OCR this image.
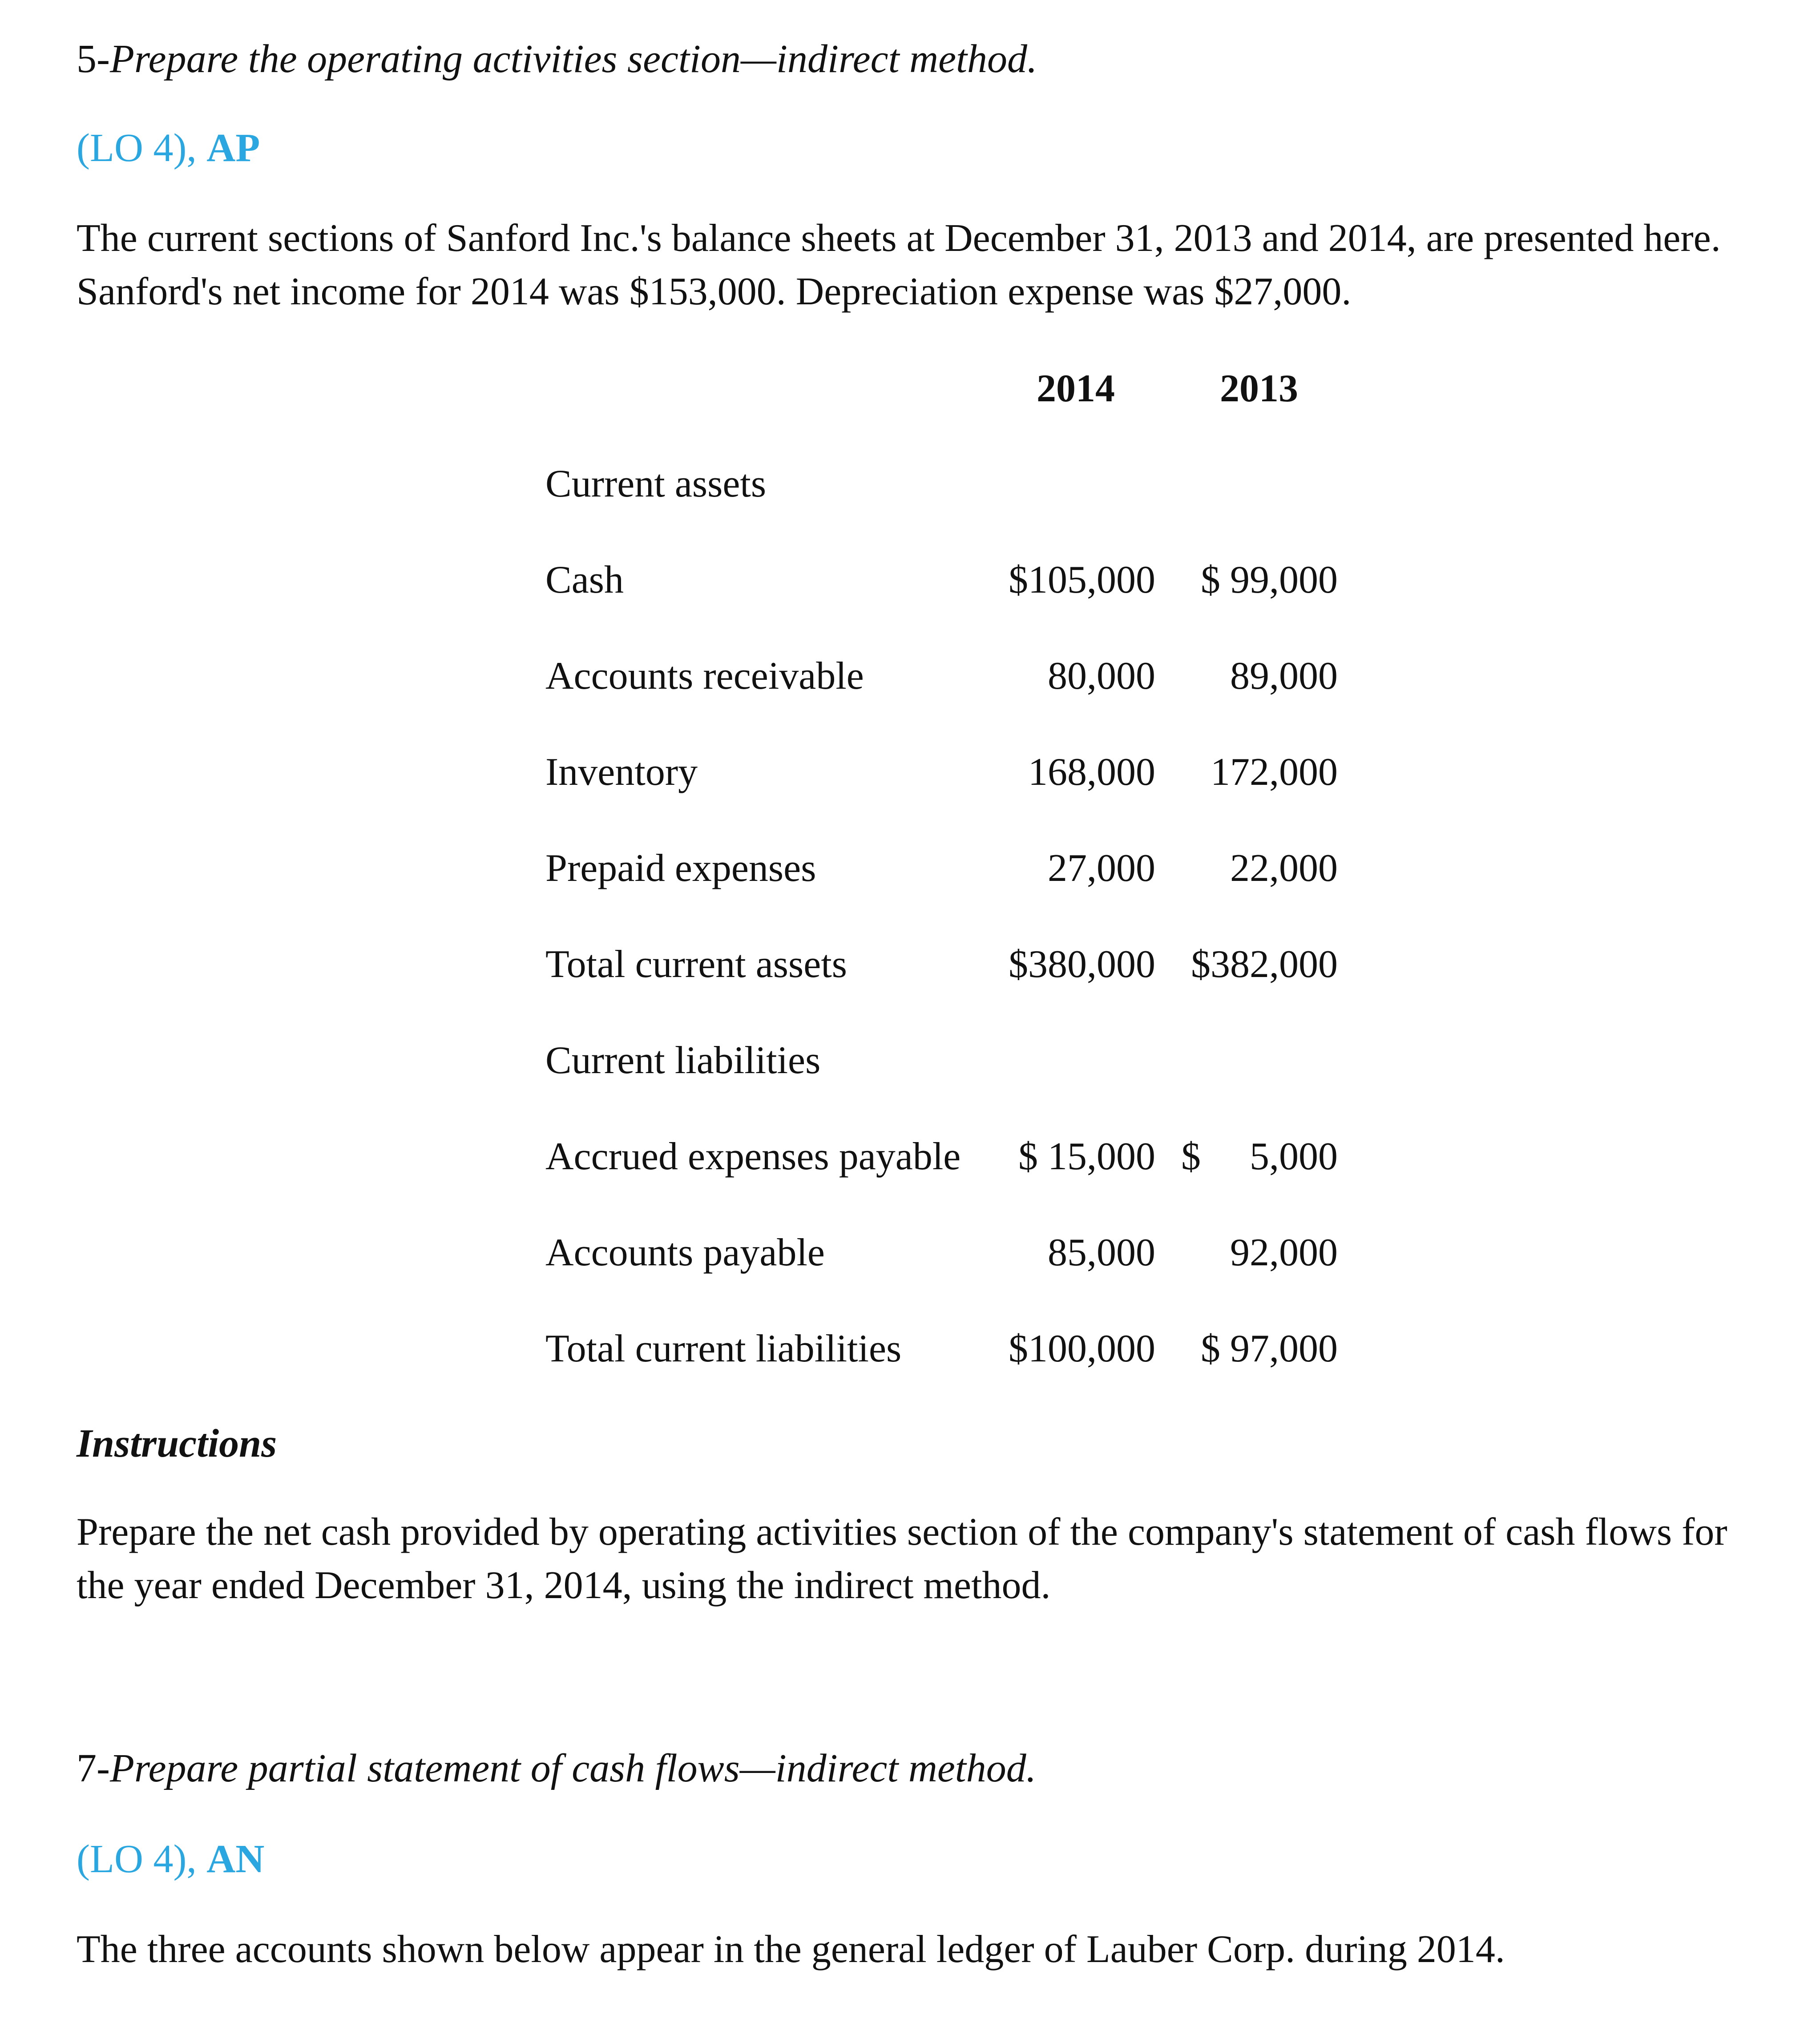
5-Prepare the operating activities section—indirect method.
(LO 4), AP
The current sections of Sanford Inc.'s balance sheets at December 31, 2013 and 2014, are presented here.
Sanford's net income for 2014 was $153,000. Depreciation expense was $27,000.
2014	2013
Current assets
Cash	$105,000 $ 99,000
Accounts receivable	80,000 89,000
Inventory	168,000 172,000
Prepaid expenses	27,000 22,000
Total current assets	$380,000 $382,000
Current liabilities
Accrued expenses payable $ 15,000 $  5,000
Accounts payable	85,000 92,000
Total current liabilities	$100,000 $ 97,000
Instructions
Prepare the net cash provided by operating activities section of the company's statement of cash flows for
the year ended December 31, 2014, using the indirect method.
7-Prepare partial statement of cash flows—indirect method.
(LO 4), AN
The three accounts shown below appear in the general ledger of Lauber Corp. during 2014.
